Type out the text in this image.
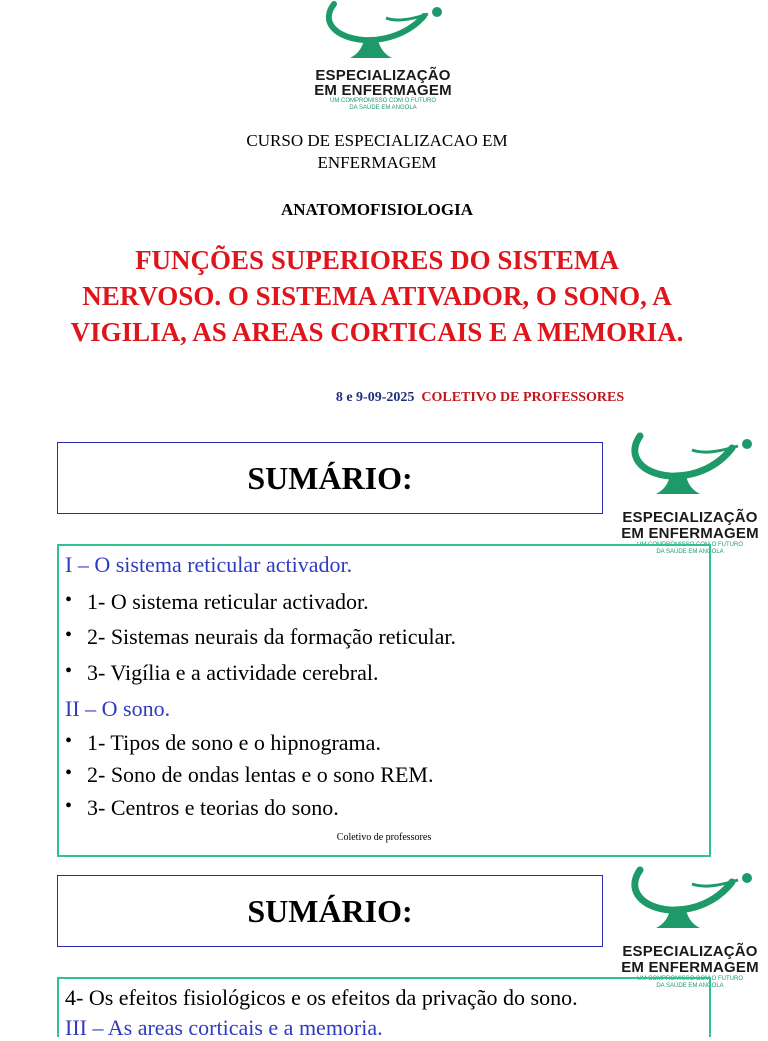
ESPECIALIZAÇÃO
EM ENFERMAGEM
UM COMPROMISSO COM O FUTURO
DA SAÚDE EM ANGOLA
CURSO DE ESPECIALIZACAO EM
ENFERMAGEM
ANATOMOFISIOLOGIA
FUNÇÕES SUPERIORES DO SISTEMA
NERVOSO. O SISTEMA ATIVADOR, O SONO, A
VIGILIA, AS AREAS CORTICAIS E A MEMORIA.
8 e 9-09-2025 COLETIVO DE PROFESSORES
SUMÁRIO:
ESPECIALIZAÇÃO
EM ENFERMAGEM
UM COMPROMISSO COM O FUTURO
DA SAÚDE EM ANGOLA
I – O sistema reticular activador.
• 1- O sistema reticular activador.
• 2- Sistemas neurais da formação reticular.
• 3- Vigília e a actividade cerebral.
II – O sono.
• 1- Tipos de sono e o hipnograma.
• 2- Sono de ondas lentas e o sono REM.
• 3- Centros e teorias do sono.
Coletivo de professores
SUMÁRIO:
ESPECIALIZAÇÃO
EM ENFERMAGEM
UM COMPROMISSO COM O FUTURO
DA SAÚDE EM ANGOLA
4- Os efeitos fisiológicos e os efeitos da privação do sono.
III – As areas corticais e a memoria.
